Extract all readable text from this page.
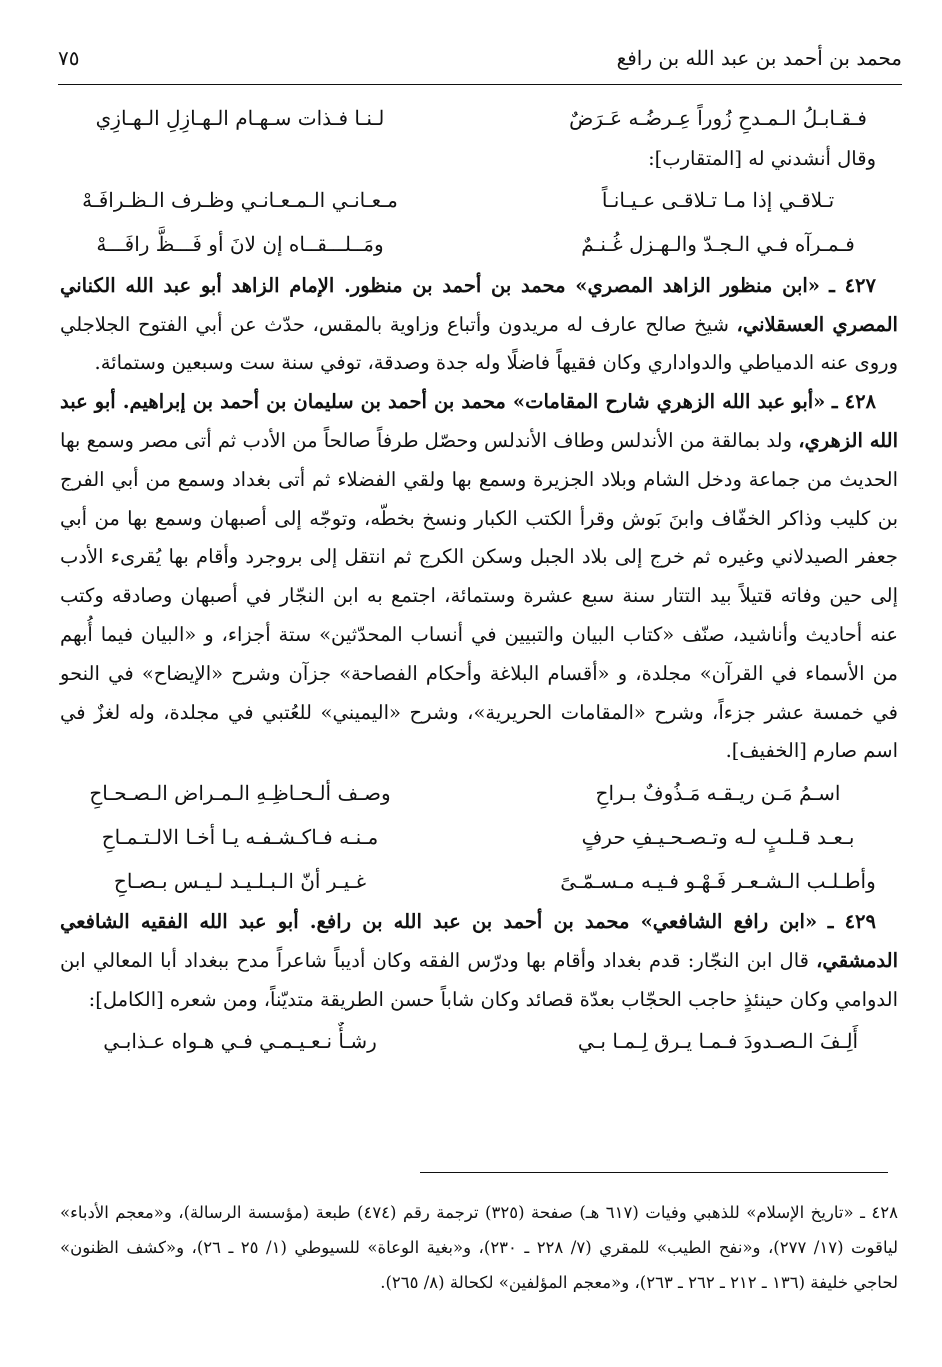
محمد بن أحمد بن عبد الله بن رافع
٧٥
فـقـابـلُ الـمـدحِ زُوراً عِـرضُـه عَـرَضٌ
لـنـا فـذات سـهـام الـهـازِلِ الـهـازِي

وقال أنشدني له [المتقارب]:

تـلاقـي إذا مـا تـلاقـى عـيـانـاً
مـعـانـي الـمـعـانـي وظـرف الـظـرافَـهْ
فـمـرآه فـي الـجـدّ والـهـزل غُـنـمٌ
ومَــلـــقــاه إن لانَ أو فَـــظَّ رافَـــهْ

٤٢٧ ـ «ابن منظور الزاهد المصري» محمد بن أحمد بن منظور. الإمام الزاهد أبو عبد الله الكناني المصري العسقلاني، شيخ صالح عارف له مريدون وأتباع وزاوية بالمقس، حدّث عن أبي الفتوح الجلاجلي وروى عنه الدمياطي والدواداري وكان فقيهاً فاضلًا وله جدة وصدقة، توفي سنة ست وسبعين وستمائة.

٤٢٨ ـ «أبو عبد الله الزهري شارح المقامات» محمد بن أحمد بن سليمان بن أحمد بن إبراهيم. أبو عبد الله الزهري، ولد بمالقة من الأندلس وطاف الأندلس وحصّل طرفاً صالحاً من الأدب ثم أتى مصر وسمع بها الحديث من جماعة ودخل الشام وبلاد الجزيرة وسمع بها ولقي الفضلاء ثم أتى بغداد وسمع من أبي الفرج بن كليب وذاكر الخفّاف وابنَ بَوش وقرأ الكتب الكبار ونسخ بخطّه، وتوجّه إلى أصبهان وسمع بها من أبي جعفر الصيدلاني وغيره ثم خرج إلى بلاد الجبل وسكن الكرج ثم انتقل إلى بروجرد وأقام بها يُقرىء الأدب إلى حين وفاته قتيلاً بيد التتار سنة سبع عشرة وستمائة، اجتمع به ابن النجّار في أصبهان وصادقه وكتب عنه أحاديث وأناشيد، صنّف «كتاب البيان والتبيين في أنساب المحدّثين» ستة أجزاء، و «البيان فيما أُبهم من الأسماء في القرآن» مجلدة، و «أقسام البلاغة وأحكام الفصاحة» جزآن وشرح «الإيضاح» في النحو في خمسة عشر جزءاً، وشرح «المقامات الحريرية»، وشرح «اليميني» للعُتبي في مجلدة، وله لغزٌ في اسم صارم [الخفيف].

اسـمُ مَـن ريـقـه مَـذُوفٌ بـراحِ
وصـف ألـحـاظِـهِ الـمـراض الـصـحـاحِ
بـعـد قـلـبٍ لـه وتـصـحـيـفِ حرفٍ
مـنـه فـاكـشـفـه يـا أخـا الالـتـمـاحِ
وأطـلـب الـشـعـر فَـهْـو فـيـه مـسـمّـىً
غـيـر أنّ الـبـلـيـد لـيـس بـصـاحِ

٤٢٩ ـ «ابن رافع الشافعي» محمد بن أحمد بن عبد الله بن رافع. أبو عبد الله الفقيه الشافعي الدمشقي، قال ابن النجّار: قدم بغداد وأقام بها ودرّس الفقه وكان أديباً شاعراً مدح ببغداد أبا المعالي ابن الدوامي وكان حينئذٍ حاجب الحجّاب بعدّة قصائد وكان شاباً حسن الطريقة متديّناً، ومن شعره [الكامل]:

أَلِـفَ الـصـدودَ فـمـا يـرق لِـمـا بـي
رشـأٌ نـعـيـمـي فـي هـواه عـذابـي

٤٢٨ ـ «تاريخ الإسلام» للذهبي وفيات (٦١٧ هـ) صفحة (٣٢٥) ترجمة رقم (٤٧٤) طبعة (مؤسسة الرسالة)، و«معجم الأدباء» لياقوت (١٧/ ٢٧٧)، و«نفح الطيب» للمقري (٧/ ٢٢٨ ـ ٢٣٠)، و«بغية الوعاة» للسيوطي (١/ ٢٥ ـ ٢٦)، و«كشف الظنون» لحاجي خليفة (١٣٦ ـ ٢١٢ ـ ٢٦٢ ـ ٢٦٣)، و«معجم المؤلفين» لكحالة (٨/ ٢٦٥).
